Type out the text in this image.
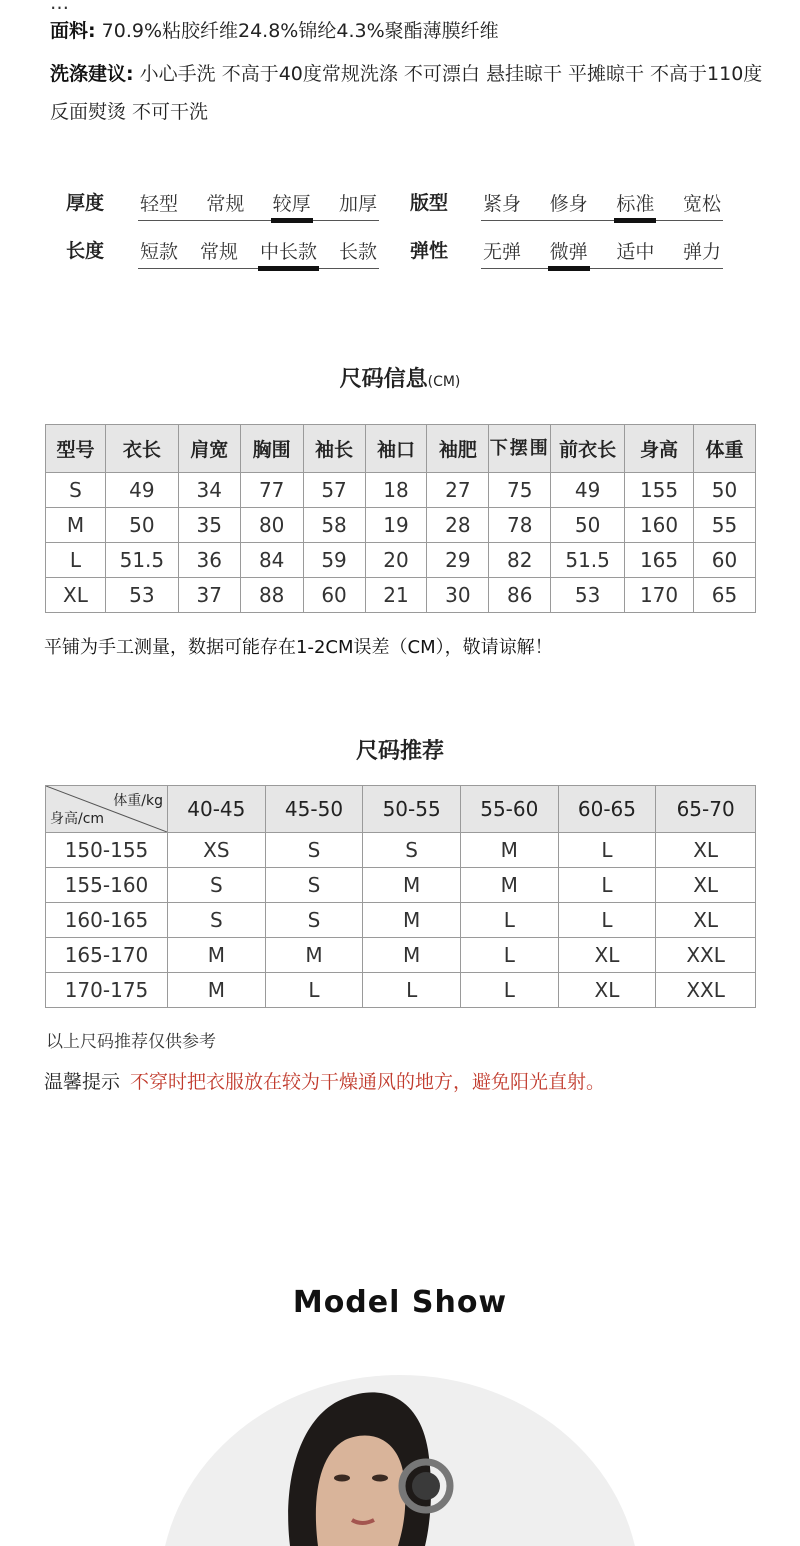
…
面料: 70.9%粘胶纤维24.8%锦纶4.3%聚酯薄膜纤维
洗涤建议: 小心手洗 不高于40度常规洗涤 不可漂白 悬挂晾干 平摊晾干 不高于110度反面熨烫 不可干洗
厚度 轻型 常规 较厚 加厚 版型 紧身 修身 标准 宽松
长度 短款 常规 中长款 长款 弹性 无弹 微弹 适中 弹力
尺码信息(CM)
型号	衣长	肩宽	胸围	袖长	袖口	袖肥	下摆围	前衣长	身高	体重
S	49	34	77	57	18	27	75	49	155	50
M	50	35	80	58	19	28	78	50	160	55
L	51.5	36	84	59	20	29	82	51.5	165	60
XL	53	37	88	60	21	30	86	53	170	65
平铺为手工测量，数据可能存在1-2CM误差（CM），敬请谅解！
尺码推荐
体重/kg
身高/cm	40-45	45-50	50-55	55-60	60-65	65-70
150-155	XS	S	S	M	L	XL
155-160	S	S	M	M	L	XL
160-165	S	S	M	L	L	XL
165-170	M	M	M	L	XL	XXL
170-175	M	L	L	L	XL	XXL
以上尺码推荐仅供参考
温馨提示 不穿时把衣服放在较为干燥通风的地方，避免阳光直射。
Model Show
